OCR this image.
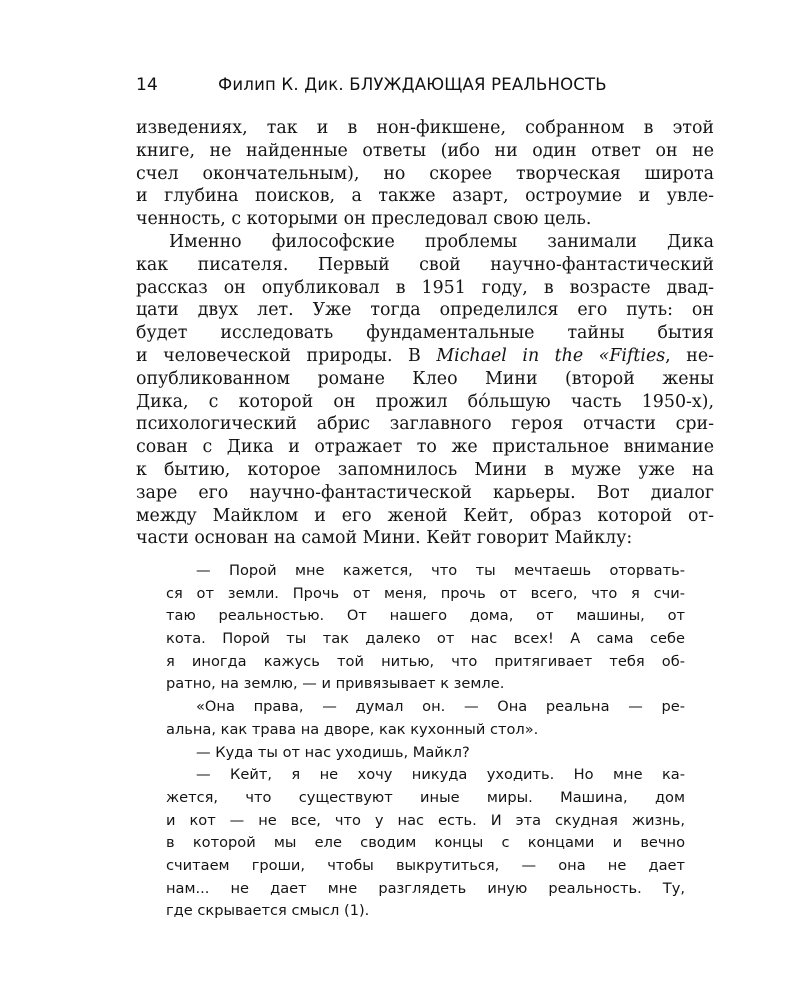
14	Филип К. Дик. БЛУЖДАЮЩАЯ РЕАЛЬНОСТЬ
изведениях, так и в нон-фикшене, собранном в этой
книге, не найденные ответы (ибо ни один ответ он не
счел окончательным), но скорее творческая широта
и глубина поисков, а также азарт, остроумие и увле-
ченность, с которыми он преследовал свою цель.
Именно философские проблемы занимали Дика
как писателя. Первый свой научно-фантастический
рассказ он опубликовал в 1951 году, в возрасте двад-
цати двух лет. Уже тогда определился его путь: он
будет исследовать фундаментальные тайны бытия
и человеческой природы. В Michael in the «Fifties, не-
опубликованном романе Клео Мини (второй жены
Дика, с которой он прожил бо́льшую часть 1950-х),
психологический абрис заглавного героя отчасти сри-
сован с Дика и отражает то же пристальное внимание
к бытию, которое запомнилось Мини в муже уже на
заре его научно-фантастической карьеры. Вот диалог
между Майклом и его женой Кейт, образ которой от-
части основан на самой Мини. Кейт говорит Майклу:
— Порой мне кажется, что ты мечтаешь оторвать-
ся от земли. Прочь от меня, прочь от всего, что я счи-
таю реальностью. От нашего дома, от машины, от
кота. Порой ты так далеко от нас всех! А сама себе
я иногда кажусь той нитью, что притягивает тебя об-
ратно, на землю, — и привязывает к земле.
«Она права, — думал он. — Она реальна — ре-
альна, как трава на дворе, как кухонный стол».
— Куда ты от нас уходишь, Майкл?
— Кейт, я не хочу никуда уходить. Но мне ка-
жется, что существуют иные миры. Машина, дом
и кот — не все, что у нас есть. И эта скудная жизнь,
в которой мы еле сводим концы с концами и вечно
считаем гроши, чтобы выкрутиться, — она не дает
нам... не дает мне разглядеть иную реальность. Ту,
где скрывается смысл (1).
